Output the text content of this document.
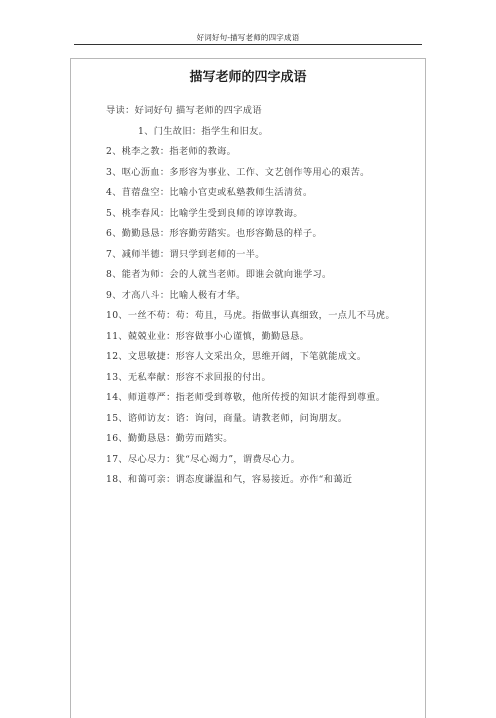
好词好句-描写老师的四字成语
描写老师的四字成语

导读：好词好句 描写老师的四字成语

1、门生故旧：指学生和旧友。

2、桃李之教：指老师的教诲。

3、呕心沥血：多形容为事业、工作、文艺创作等用心的艰苦。

4、苜蓿盘空：比喻小官吏或私塾教师生活清贫。

5、桃李春风：比喻学生受到良师的谆谆教诲。

6、勤勤恳恳：形容勤劳踏实。也形容勤恳的样子。

7、减师半德：谓只学到老师的一半。

8、能者为师：会的人就当老师。即谁会就向谁学习。

9、才高八斗：比喻人极有才华。

10、一丝不苟：苟：苟且，马虎。指做事认真细致，一点儿不马虎。

11、兢兢业业：形容做事小心谨慎，勤勤恳恳。

12、文思敏捷：形容人文采出众，思维开阔，下笔就能成文。

13、无私奉献：形容不求回报的付出。

14、师道尊严：指老师受到尊敬，他所传授的知识才能得到尊重。

15、谘师访友：谘：询问，商量。请教老师，问询朋友。

16、勤勤恳恳：勤劳而踏实。

17、尽心尽力：犹“尽心竭力”，谓费尽心力。

18、和蔼可亲：谓态度谦温和气，容易接近。亦作“和蔼近
